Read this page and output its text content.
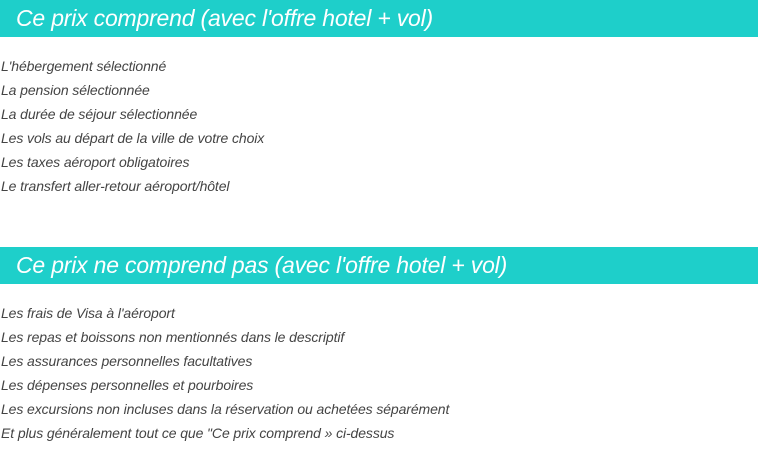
Ce prix comprend (avec l'offre hotel + vol)
L'hébergement sélectionné
La pension sélectionnée
La durée de séjour sélectionnée
Les vols au départ de la ville de votre choix
Les taxes aéroport obligatoires
Le transfert aller-retour aéroport/hôtel
Ce prix ne comprend pas (avec l'offre hotel + vol)
Les frais de Visa à l'aéroport
Les repas et boissons non mentionnés dans le descriptif
Les assurances personnelles facultatives
Les dépenses personnelles et pourboires
Les excursions non incluses dans la réservation ou achetées séparément
Et plus généralement tout ce que "Ce prix comprend » ci-dessus
